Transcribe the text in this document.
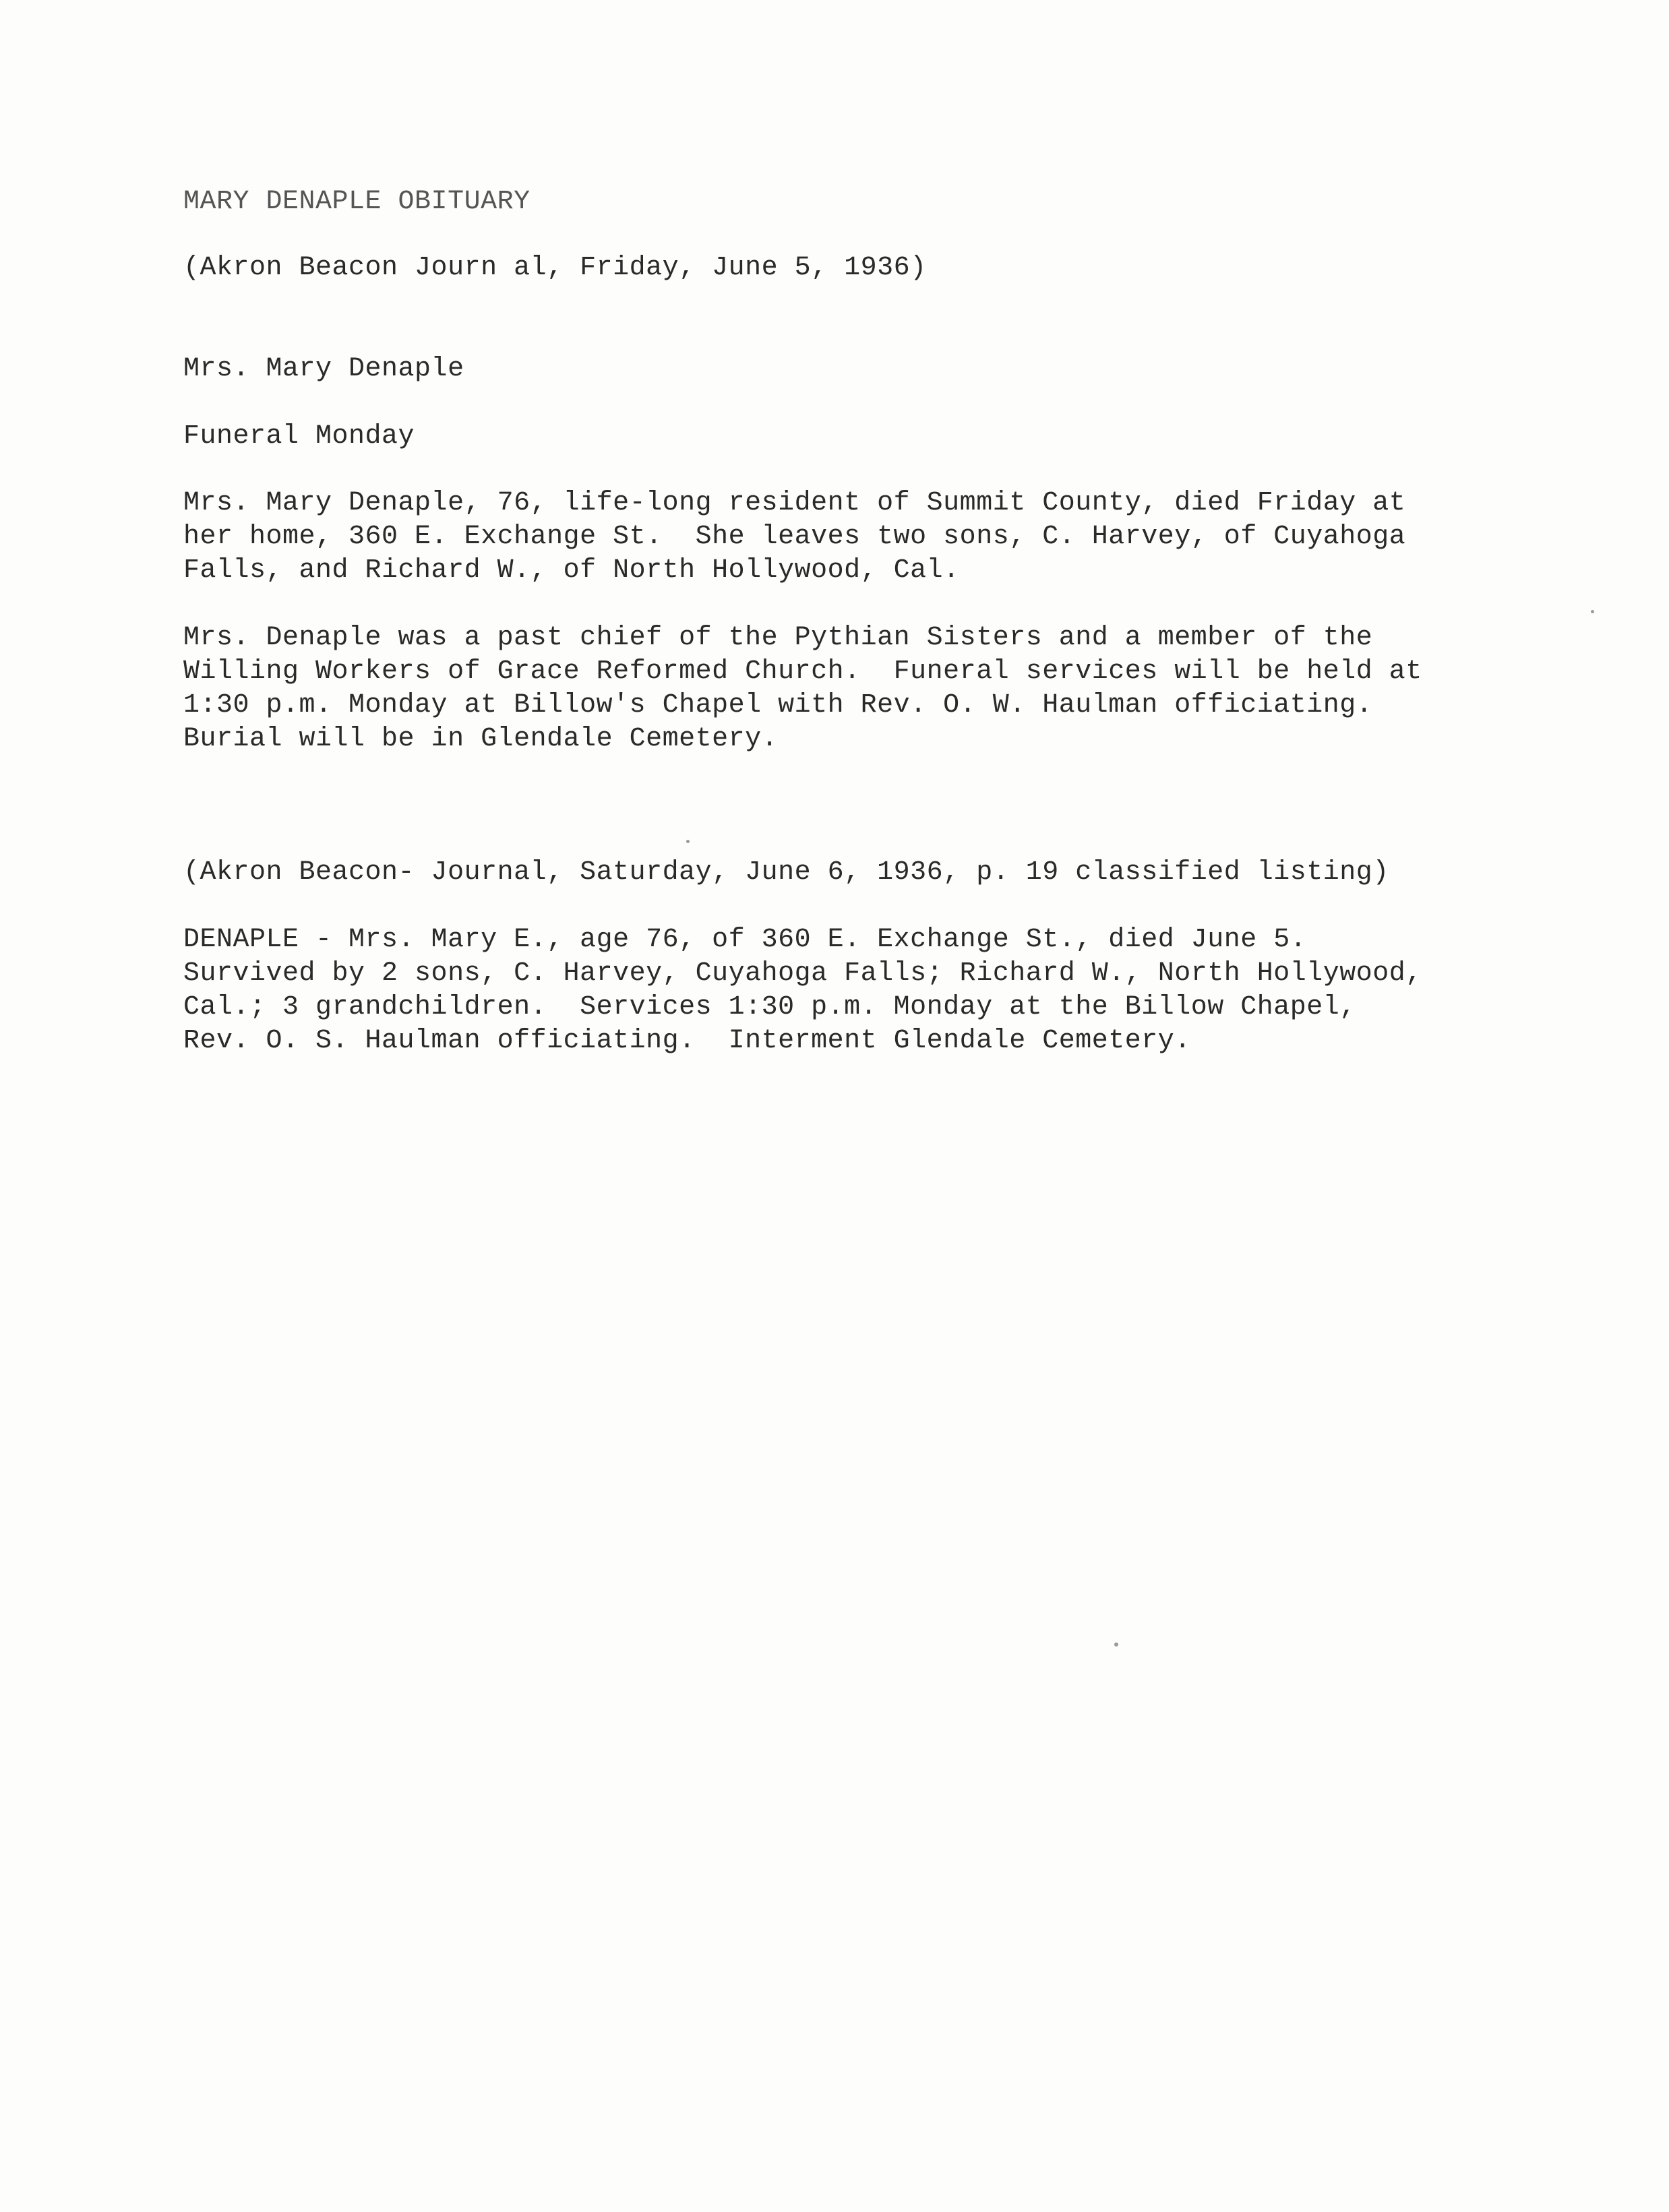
MARY DENAPLE OBITUARY

(Akron Beacon Journ al, Friday, June 5, 1936)

Mrs. Mary Denaple

Funeral Monday

Mrs. Mary Denaple, 76, life-long resident of Summit County, died Friday at
her home, 360 E. Exchange St.  She leaves two sons, C. Harvey, of Cuyahoga
Falls, and Richard W., of North Hollywood, Cal.

Mrs. Denaple was a past chief of the Pythian Sisters and a member of the
Willing Workers of Grace Reformed Church.  Funeral services will be held at
1:30 p.m. Monday at Billow's Chapel with Rev. O. W. Haulman officiating.
Burial will be in Glendale Cemetery.

(Akron Beacon- Journal, Saturday, June 6, 1936, p. 19 classified listing)

DENAPLE - Mrs. Mary E., age 76, of 360 E. Exchange St., died June 5.
Survived by 2 sons, C. Harvey, Cuyahoga Falls; Richard W., North Hollywood,
Cal.; 3 grandchildren.  Services 1:30 p.m. Monday at the Billow Chapel,
Rev. O. S. Haulman officiating.  Interment Glendale Cemetery.
